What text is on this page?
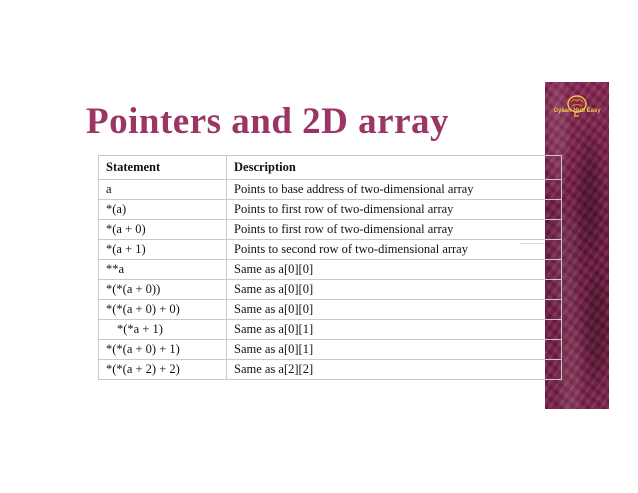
Pointers and 2D array	Gyaan Hub Easy
Statement	Description
a	Points to base address of two-dimensional array
*(a)	Points to first row of two-dimensional array
*(a + 0)	Points to first row of two-dimensional array
*(a + 1)	Points to second row of two-dimensional array
**a	Same as a[0][0]
*(*(a + 0))	Same as a[0][0]
*(*(a + 0) + 0)	Same as a[0][0]
*(*a + 1)	Same as a[0][1]
*(*(a + 0) + 1)	Same as a[0][1]
*(*(a + 2) + 2)	Same as a[2][2]
